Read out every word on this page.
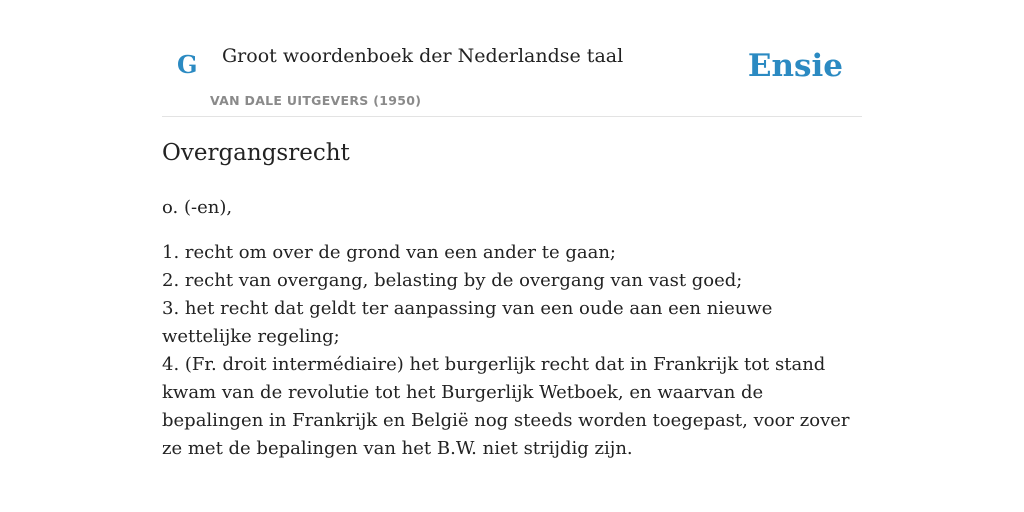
G Groot woordenboek der Nederlandse taal
VAN DALE UITGEVERS (1950)
Ensie
Overgangsrecht
o. (-en),
1. recht om over de grond van een ander te gaan;
2. recht van overgang, belasting by de overgang van vast goed;
3. het recht dat geldt ter aanpassing van een oude aan een nieuwe wettelijke regeling;
4. (Fr. droit intermédiaire) het burgerlijk recht dat in Frankrijk tot stand kwam van de revolutie tot het Burgerlijk Wetboek, en waarvan de bepalingen in Frankrijk en België nog steeds worden toegepast, voor zover ze met de bepalingen van het B.W. niet strijdig zijn.
